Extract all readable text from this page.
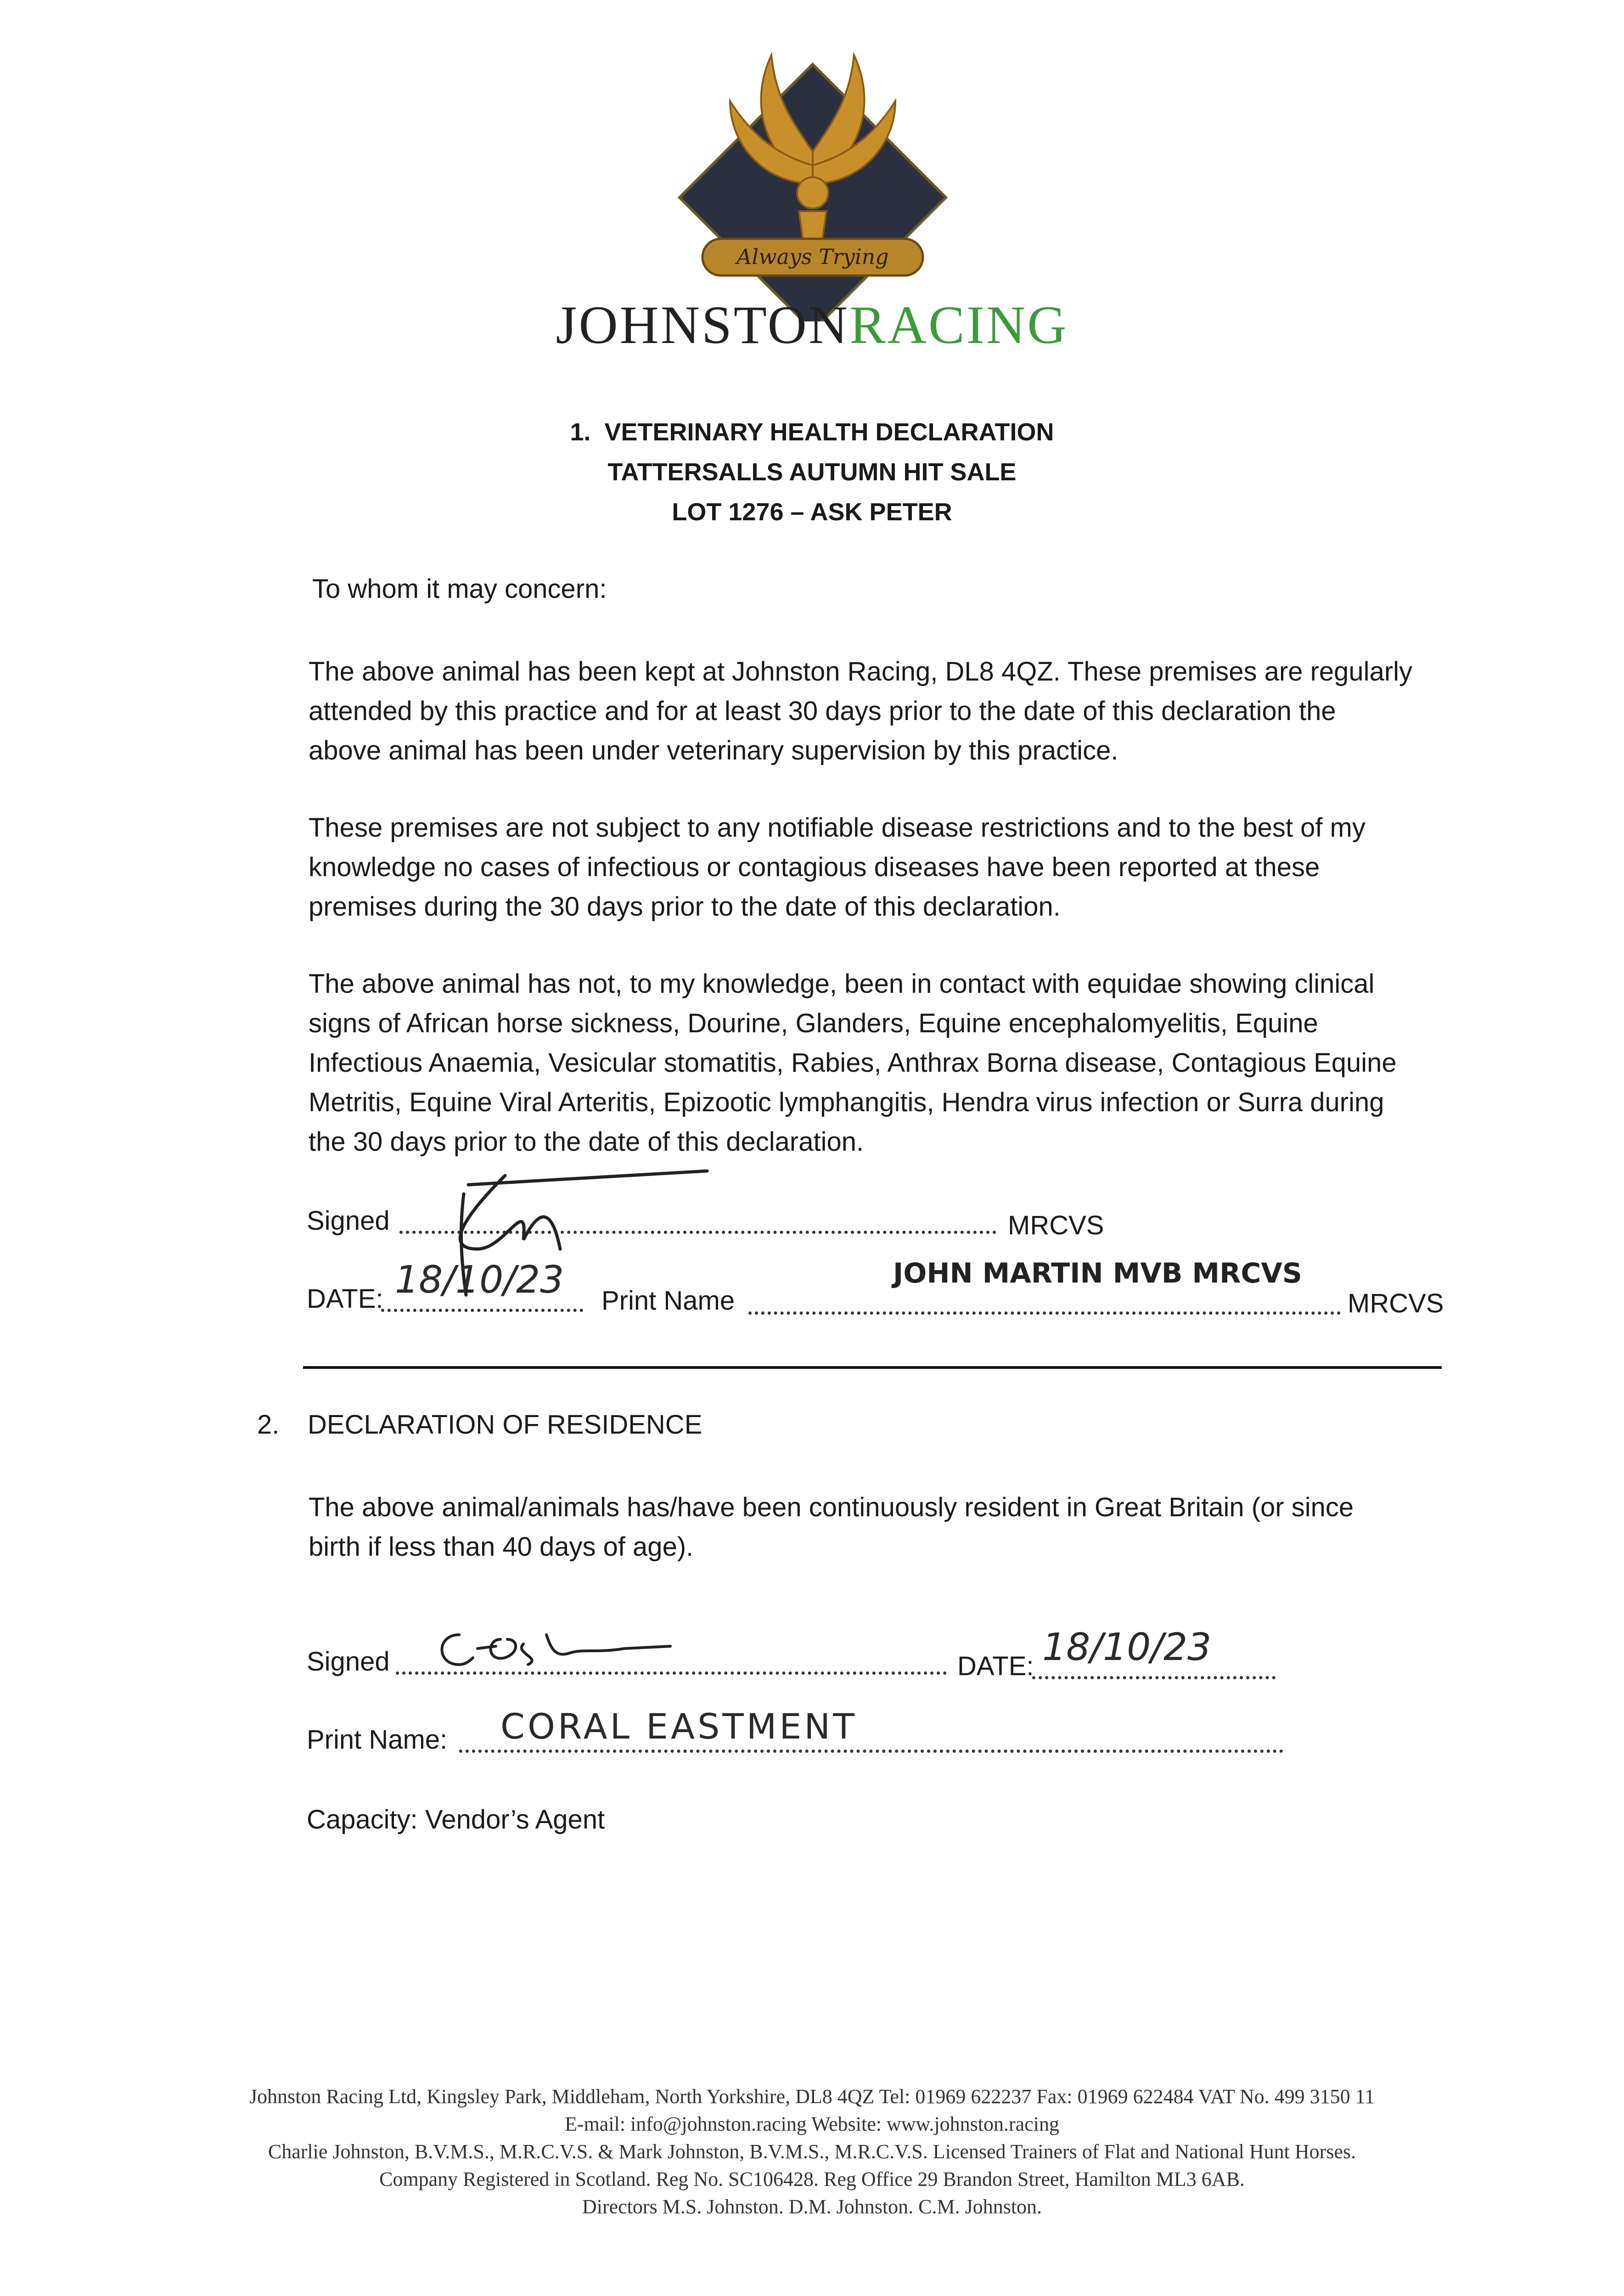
Always Trying
JOHNSTONRACING
1. VETERINARY HEALTH DECLARATION
TATTERSALLS AUTUMN HIT SALE
LOT 1276 – ASK PETER
To whom it may concern:
The above animal has been kept at Johnston Racing, DL8 4QZ. These premises are regularly
attended by this practice and for at least 30 days prior to the date of this declaration the
above animal has been under veterinary supervision by this practice.
These premises are not subject to any notifiable disease restrictions and to the best of my
knowledge no cases of infectious or contagious diseases have been reported at these
premises during the 30 days prior to the date of this declaration.
The above animal has not, to my knowledge, been in contact with equidae showing clinical
signs of African horse sickness, Dourine, Glanders, Equine encephalomyelitis, Equine
Infectious Anaemia, Vesicular stomatitis, Rabies, Anthrax Borna disease, Contagious Equine
Metritis, Equine Viral Arteritis, Epizootic lymphangitis, Hendra virus infection or Surra during
the 30 days prior to the date of this declaration.
Signed	MRCVS
DATE: 18/10/23 Print Name
JOHN MARTIN MVB MRCVS
MRCVS
2. DECLARATION OF RESIDENCE
The above animal/animals has/have been continuously resident in Great Britain (or since
birth if less than 40 days of age).
Signed	DATE: 18/10/23
Print Name: CORAL EASTMENT
Capacity: Vendor’s Agent
Johnston Racing Ltd, Kingsley Park, Middleham, North Yorkshire, DL8 4QZ Tel: 01969 622237 Fax: 01969 622484 VAT No. 499 3150 11
E-mail: info@johnston.racing Website: www.johnston.racing
Charlie Johnston, B.V.M.S., M.R.C.V.S. & Mark Johnston, B.V.M.S., M.R.C.V.S. Licensed Trainers of Flat and National Hunt Horses.
Company Registered in Scotland. Reg No. SC106428. Reg Office 29 Brandon Street, Hamilton ML3 6AB.
Directors M.S. Johnston. D.M. Johnston. C.M. Johnston.
